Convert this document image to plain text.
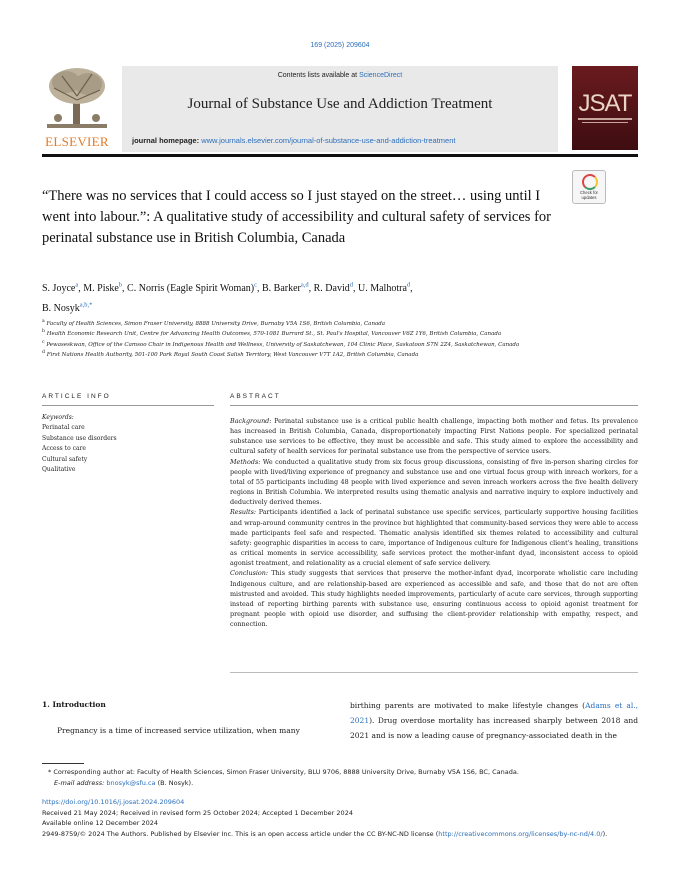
169 (2025) 209604
ELSEVIER
Contents lists available at ScienceDirect
Journal of Substance Use and Addiction Treatment
journal homepage: www.journals.elsevier.com/journal-of-substance-use-and-addiction-treatment
JSAT
“There was no services that I could access so I just stayed on the street… using until I went into labour.”: A qualitative study of accessibility and cultural safety of services for perinatal substance use in British Columbia, Canada
Check for updates
S. Joyce$^a$, M. Piske$^b$, C. Norris (Eagle Spirit Woman)$^c$, B. Barker$^{a,d}$, R. David$^d$, U. Malhotra$^d$,
B. Nosyk$^{a,b,*}$
$^a$ Faculty of Health Sciences, Simon Fraser University, 8888 University Drive, Burnaby V5A 1S6, British Columbia, Canada
$^b$ Health Economic Research Unit, Centre for Advancing Health Outcomes, 570-1081 Burrard St., St. Paul's Hospital, Vancouver V6Z 1Y6, British Columbia, Canada
$^c$ Pewaseskwan, Office of the Camsoo Chair in Indigenous Health and Wellness, University of Saskatchewan, 104 Clinic Place, Saskatoon S7N 2Z4, Saskatchewan, Canada
$^d$ First Nations Health Authority, 501-100 Park Royal South Coast Salish Territory, West Vancouver V7T 1A2, British Columbia, Canada
ARTICLE INFO
Keywords:
Perinatal care
Substance use disorders
Access to care
Cultural safety
Qualitative
ABSTRACT

Background: Perinatal substance use is a critical public health challenge, impacting both mother and fetus. Its prevalence has increased in British Columbia, Canada, disproportionately impacting First Nations people. For specialized perinatal substance use services to be effective, they must be accessible and safe. This study aimed to explore the accessibility and cultural safety of health services for perinatal substance use from the perspective of service users.

Methods: We conducted a qualitative study from six focus group discussions, consisting of five in-person sharing circles for people with lived/living experience of pregnancy and substance use and one virtual focus group with inreach workers, for a total of 55 participants including 48 people with lived experience and seven inreach workers across the five health delivery regions in British Columbia. We interpreted results using thematic analysis and narrative inquiry to explore inductively and deductively derived themes.

Results: Participants identified a lack of perinatal substance use specific services, particularly supportive housing facilities and wrap-around community centres in the province but highlighted that community-based services they were able to access made participants feel safe and respected. Thematic analysis identified six themes related to accessibility and cultural safety: geographic disparities in access to care, importance of Indigenous culture for Indigenous client's healing, transitions as critical moments in service accessibility, safe services protect the mother-infant dyad, inconsistent access to opioid agonist treatment, and relationality as a crucial element of safe service delivery.

Conclusion: This study suggests that services that preserve the mother-infant dyad, incorporate wholistic care including Indigenous culture, and are relationship-based are experienced as accessible and safe, and those that do not are often mistrusted and avoided. This study highlights needed improvements, particularly of acute care services, through supporting instead of reporting birthing parents with substance use, ensuring continuous access to opioid agonist treatment for pregnant people with opioid use disorder, and suffusing the client-provider relationship with empathy, respect, and connection.

1. Introduction
Pregnancy is a time of increased service utilization, when many
birthing parents are motivated to make lifestyle changes (Adams et al., 2021). Drug overdose mortality has increased sharply between 2018 and 2021 and is now a leading cause of pregnancy-associated death in the
* Corresponding author at: Faculty of Health Sciences, Simon Fraser University, BLU 9706, 8888 University Drive, Burnaby V5A 1S6, BC, Canada.
E-mail address: bnosyk@sfu.ca (B. Nosyk).
https://doi.org/10.1016/j.josat.2024.209604
Received 21 May 2024; Received in revised form 25 October 2024; Accepted 1 December 2024
Available online 12 December 2024
2949-8759/© 2024 The Authors. Published by Elsevier Inc. This is an open access article under the CC BY-NC-ND license (http://creativecommons.org/licenses/by-nc-nd/4.0/).
